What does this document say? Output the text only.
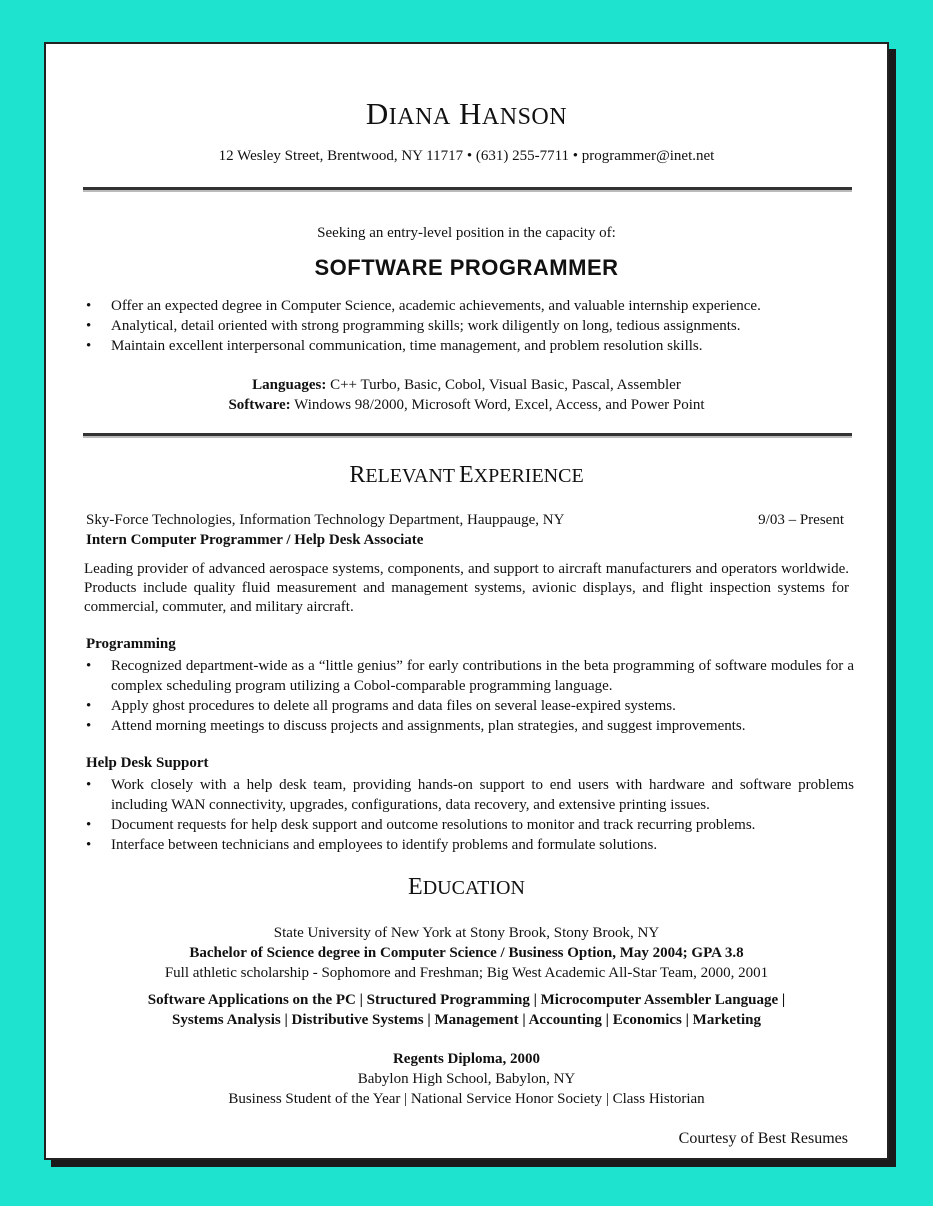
DIANA HANSON
12 Wesley Street, Brentwood, NY 11717 • (631) 255-7711 • programmer@inet.net
Seeking an entry-level position in the capacity of:
SOFTWARE PROGRAMMER
• Offer an expected degree in Computer Science, academic achievements, and valuable internship experience.
• Analytical, detail oriented with strong programming skills; work diligently on long, tedious assignments.
• Maintain excellent interpersonal communication, time management, and problem resolution skills.
Languages: C++ Turbo, Basic, Cobol, Visual Basic, Pascal, Assembler
Software: Windows 98/2000, Microsoft Word, Excel, Access, and Power Point
RELEVANT EXPERIENCE
Sky-Force Technologies, Information Technology Department, Hauppauge, NY	9/03 – Present
Intern Computer Programmer / Help Desk Associate
Leading provider of advanced aerospace systems, components, and support to aircraft manufacturers and operators worldwide. Products include quality fluid measurement and management systems, avionic displays, and flight inspection systems for commercial, commuter, and military aircraft.
Programming
• Recognized department-wide as a “little genius” for early contributions in the beta programming of software modules for a complex scheduling program utilizing a Cobol-comparable programming language.
• Apply ghost procedures to delete all programs and data files on several lease-expired systems.
• Attend morning meetings to discuss projects and assignments, plan strategies, and suggest improvements.
Help Desk Support
• Work closely with a help desk team, providing hands-on support to end users with hardware and software problems including WAN connectivity, upgrades, configurations, data recovery, and extensive printing issues.
• Document requests for help desk support and outcome resolutions to monitor and track recurring problems.
• Interface between technicians and employees to identify problems and formulate solutions.
EDUCATION
State University of New York at Stony Brook, Stony Brook, NY
Bachelor of Science degree in Computer Science / Business Option, May 2004; GPA 3.8
Full athletic scholarship - Sophomore and Freshman; Big West Academic All-Star Team, 2000, 2001
Software Applications on the PC | Structured Programming | Microcomputer Assembler Language |
Systems Analysis | Distributive Systems | Management | Accounting | Economics | Marketing
Regents Diploma, 2000
Babylon High School, Babylon, NY
Business Student of the Year | National Service Honor Society | Class Historian
Courtesy of Best Resumes
